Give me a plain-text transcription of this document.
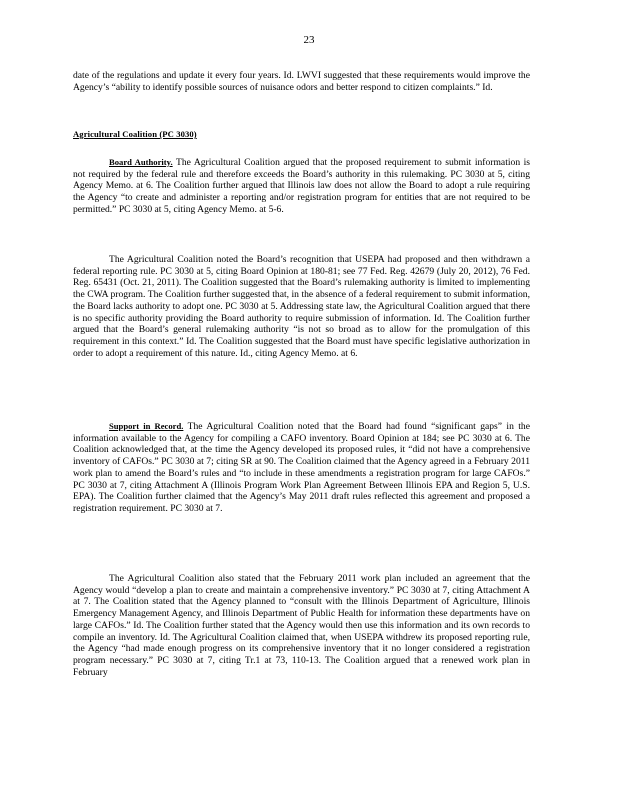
23

date of the regulations and update it every four years. Id. LWVI suggested that these requirements would improve the Agency’s “ability to identify possible sources of nuisance odors and better respond to citizen complaints.” Id.

Agricultural Coalition (PC 3030)

Board Authority. The Agricultural Coalition argued that the proposed requirement to submit information is not required by the federal rule and therefore exceeds the Board’s authority in this rulemaking. PC 3030 at 5, citing Agency Memo. at 6. The Coalition further argued that Illinois law does not allow the Board to adopt a rule requiring the Agency “to create and administer a reporting and/or registration program for entities that are not required to be permitted.” PC 3030 at 5, citing Agency Memo. at 5-6.

The Agricultural Coalition noted the Board’s recognition that USEPA had proposed and then withdrawn a federal reporting rule. PC 3030 at 5, citing Board Opinion at 180-81; see 77 Fed. Reg. 42679 (July 20, 2012), 76 Fed. Reg. 65431 (Oct. 21, 2011). The Coalition suggested that the Board’s rulemaking authority is limited to implementing the CWA program. The Coalition further suggested that, in the absence of a federal requirement to submit information, the Board lacks authority to adopt one. PC 3030 at 5. Addressing state law, the Agricultural Coalition argued that there is no specific authority providing the Board authority to require submission of information. Id. The Coalition further argued that the Board’s general rulemaking authority “is not so broad as to allow for the promulgation of this requirement in this context.” Id. The Coalition suggested that the Board must have specific legislative authorization in order to adopt a requirement of this nature. Id., citing Agency Memo. at 6.

Support in Record. The Agricultural Coalition noted that the Board had found “significant gaps” in the information available to the Agency for compiling a CAFO inventory. Board Opinion at 184; see PC 3030 at 6. The Coalition acknowledged that, at the time the Agency developed its proposed rules, it “did not have a comprehensive inventory of CAFOs.” PC 3030 at 7; citing SR at 90. The Coalition claimed that the Agency agreed in a February 2011 work plan to amend the Board’s rules and “to include in these amendments a registration program for large CAFOs.” PC 3030 at 7, citing Attachment A (Illinois Program Work Plan Agreement Between Illinois EPA and Region 5, U.S. EPA). The Coalition further claimed that the Agency’s May 2011 draft rules reflected this agreement and proposed a registration requirement. PC 3030 at 7.

The Agricultural Coalition also stated that the February 2011 work plan included an agreement that the Agency would “develop a plan to create and maintain a comprehensive inventory.” PC 3030 at 7, citing Attachment A at 7. The Coalition stated that the Agency planned to “consult with the Illinois Department of Agriculture, Illinois Emergency Management Agency, and Illinois Department of Public Health for information these departments have on large CAFOs.” Id. The Coalition further stated that the Agency would then use this information and its own records to compile an inventory. Id. The Agricultural Coalition claimed that, when USEPA withdrew its proposed reporting rule, the Agency “had made enough progress on its comprehensive inventory that it no longer considered a registration program necessary.” PC 3030 at 7, citing Tr.1 at 73, 110-13. The Coalition argued that a renewed work plan in February
